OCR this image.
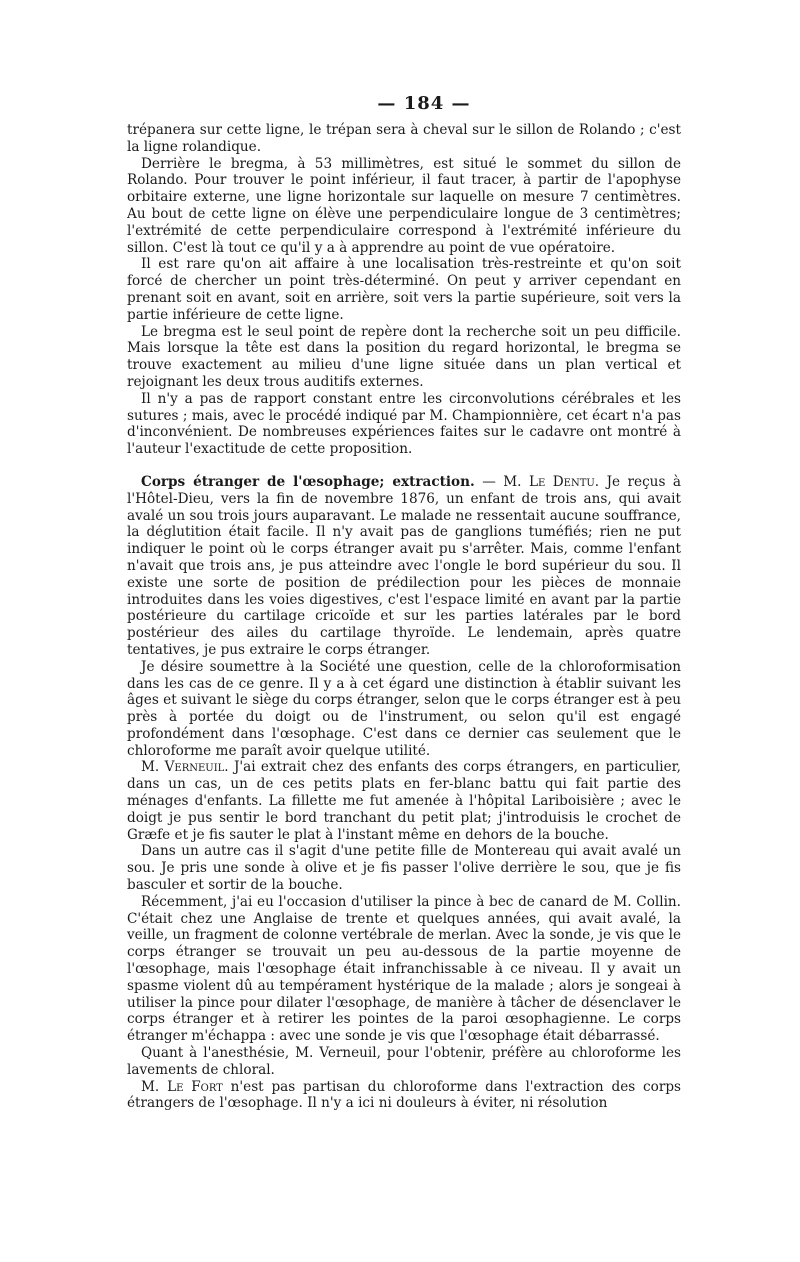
— 184 —

trépanera sur cette ligne, le trépan sera à cheval sur le sillon de Rolando ; c'est la ligne rolandique.

Derrière le bregma, à 53 millimètres, est situé le sommet du sillon de Rolando. Pour trouver le point inférieur, il faut tracer, à partir de l'apophyse orbitaire externe, une ligne horizontale sur laquelle on mesure 7 centimètres. Au bout de cette ligne on élève une perpendiculaire longue de 3 centimètres; l'extrémité de cette perpendiculaire correspond à l'extrémité inférieure du sillon. C'est là tout ce qu'il y a à apprendre au point de vue opératoire.

Il est rare qu'on ait affaire à une localisation très-restreinte et qu'on soit forcé de chercher un point très-déterminé. On peut y arriver cependant en prenant soit en avant, soit en arrière, soit vers la partie supérieure, soit vers la partie inférieure de cette ligne.

Le bregma est le seul point de repère dont la recherche soit un peu difficile. Mais lorsque la tête est dans la position du regard horizontal, le bregma se trouve exactement au milieu d'une ligne située dans un plan vertical et rejoignant les deux trous auditifs externes.

Il n'y a pas de rapport constant entre les circonvolutions cérébrales et les sutures ; mais, avec le procédé indiqué par M. Championnière, cet écart n'a pas d'inconvénient. De nombreuses expériences faites sur le cadavre ont montré à l'auteur l'exactitude de cette proposition.

Corps étranger de l'œsophage; extraction. — M. Le Dentu. Je reçus à l'Hôtel-Dieu, vers la fin de novembre 1876, un enfant de trois ans, qui avait avalé un sou trois jours auparavant. Le malade ne ressentait aucune souffrance, la déglutition était facile. Il n'y avait pas de ganglions tuméfiés; rien ne put indiquer le point où le corps étranger avait pu s'arrêter. Mais, comme l'enfant n'avait que trois ans, je pus atteindre avec l'ongle le bord supérieur du sou. Il existe une sorte de position de prédilection pour les pièces de monnaie introduites dans les voies digestives, c'est l'espace limité en avant par la partie postérieure du cartilage cricoïde et sur les parties latérales par le bord postérieur des ailes du cartilage thyroïde. Le lendemain, après quatre tentatives, je pus extraire le corps étranger.

Je désire soumettre à la Société une question, celle de la chloroformisation dans les cas de ce genre. Il y a à cet égard une distinction à établir suivant les âges et suivant le siège du corps étranger, selon que le corps étranger est à peu près à portée du doigt ou de l'instrument, ou selon qu'il est engagé profondément dans l'œsophage. C'est dans ce dernier cas seulement que le chloroforme me paraît avoir quelque utilité.

M. Verneuil. J'ai extrait chez des enfants des corps étrangers, en particulier, dans un cas, un de ces petits plats en fer-blanc battu qui fait partie des ménages d'enfants. La fillette me fut amenée à l'hôpital Lariboisière ; avec le doigt je pus sentir le bord tranchant du petit plat; j'introduisis le crochet de Græfe et je fis sauter le plat à l'instant même en dehors de la bouche.

Dans un autre cas il s'agit d'une petite fille de Montereau qui avait avalé un sou. Je pris une sonde à olive et je fis passer l'olive derrière le sou, que je fis basculer et sortir de la bouche.

Récemment, j'ai eu l'occasion d'utiliser la pince à bec de canard de M. Collin. C'était chez une Anglaise de trente et quelques années, qui avait avalé, la veille, un fragment de colonne vertébrale de merlan. Avec la sonde, je vis que le corps étranger se trouvait un peu au-dessous de la partie moyenne de l'œsophage, mais l'œsophage était infranchissable à ce niveau. Il y avait un spasme violent dû au tempérament hystérique de la malade ; alors je songeai à utiliser la pince pour dilater l'œsophage, de manière à tâcher de désenclaver le corps étranger et à retirer les pointes de la paroi œsophagienne. Le corps étranger m'échappa : avec une sonde je vis que l'œsophage était débarrassé.

Quant à l'anesthésie, M. Verneuil, pour l'obtenir, préfère au chloroforme les lavements de chloral.

M. Le Fort n'est pas partisan du chloroforme dans l'extraction des corps étrangers de l'œsophage. Il n'y a ici ni douleurs à éviter, ni résolution
